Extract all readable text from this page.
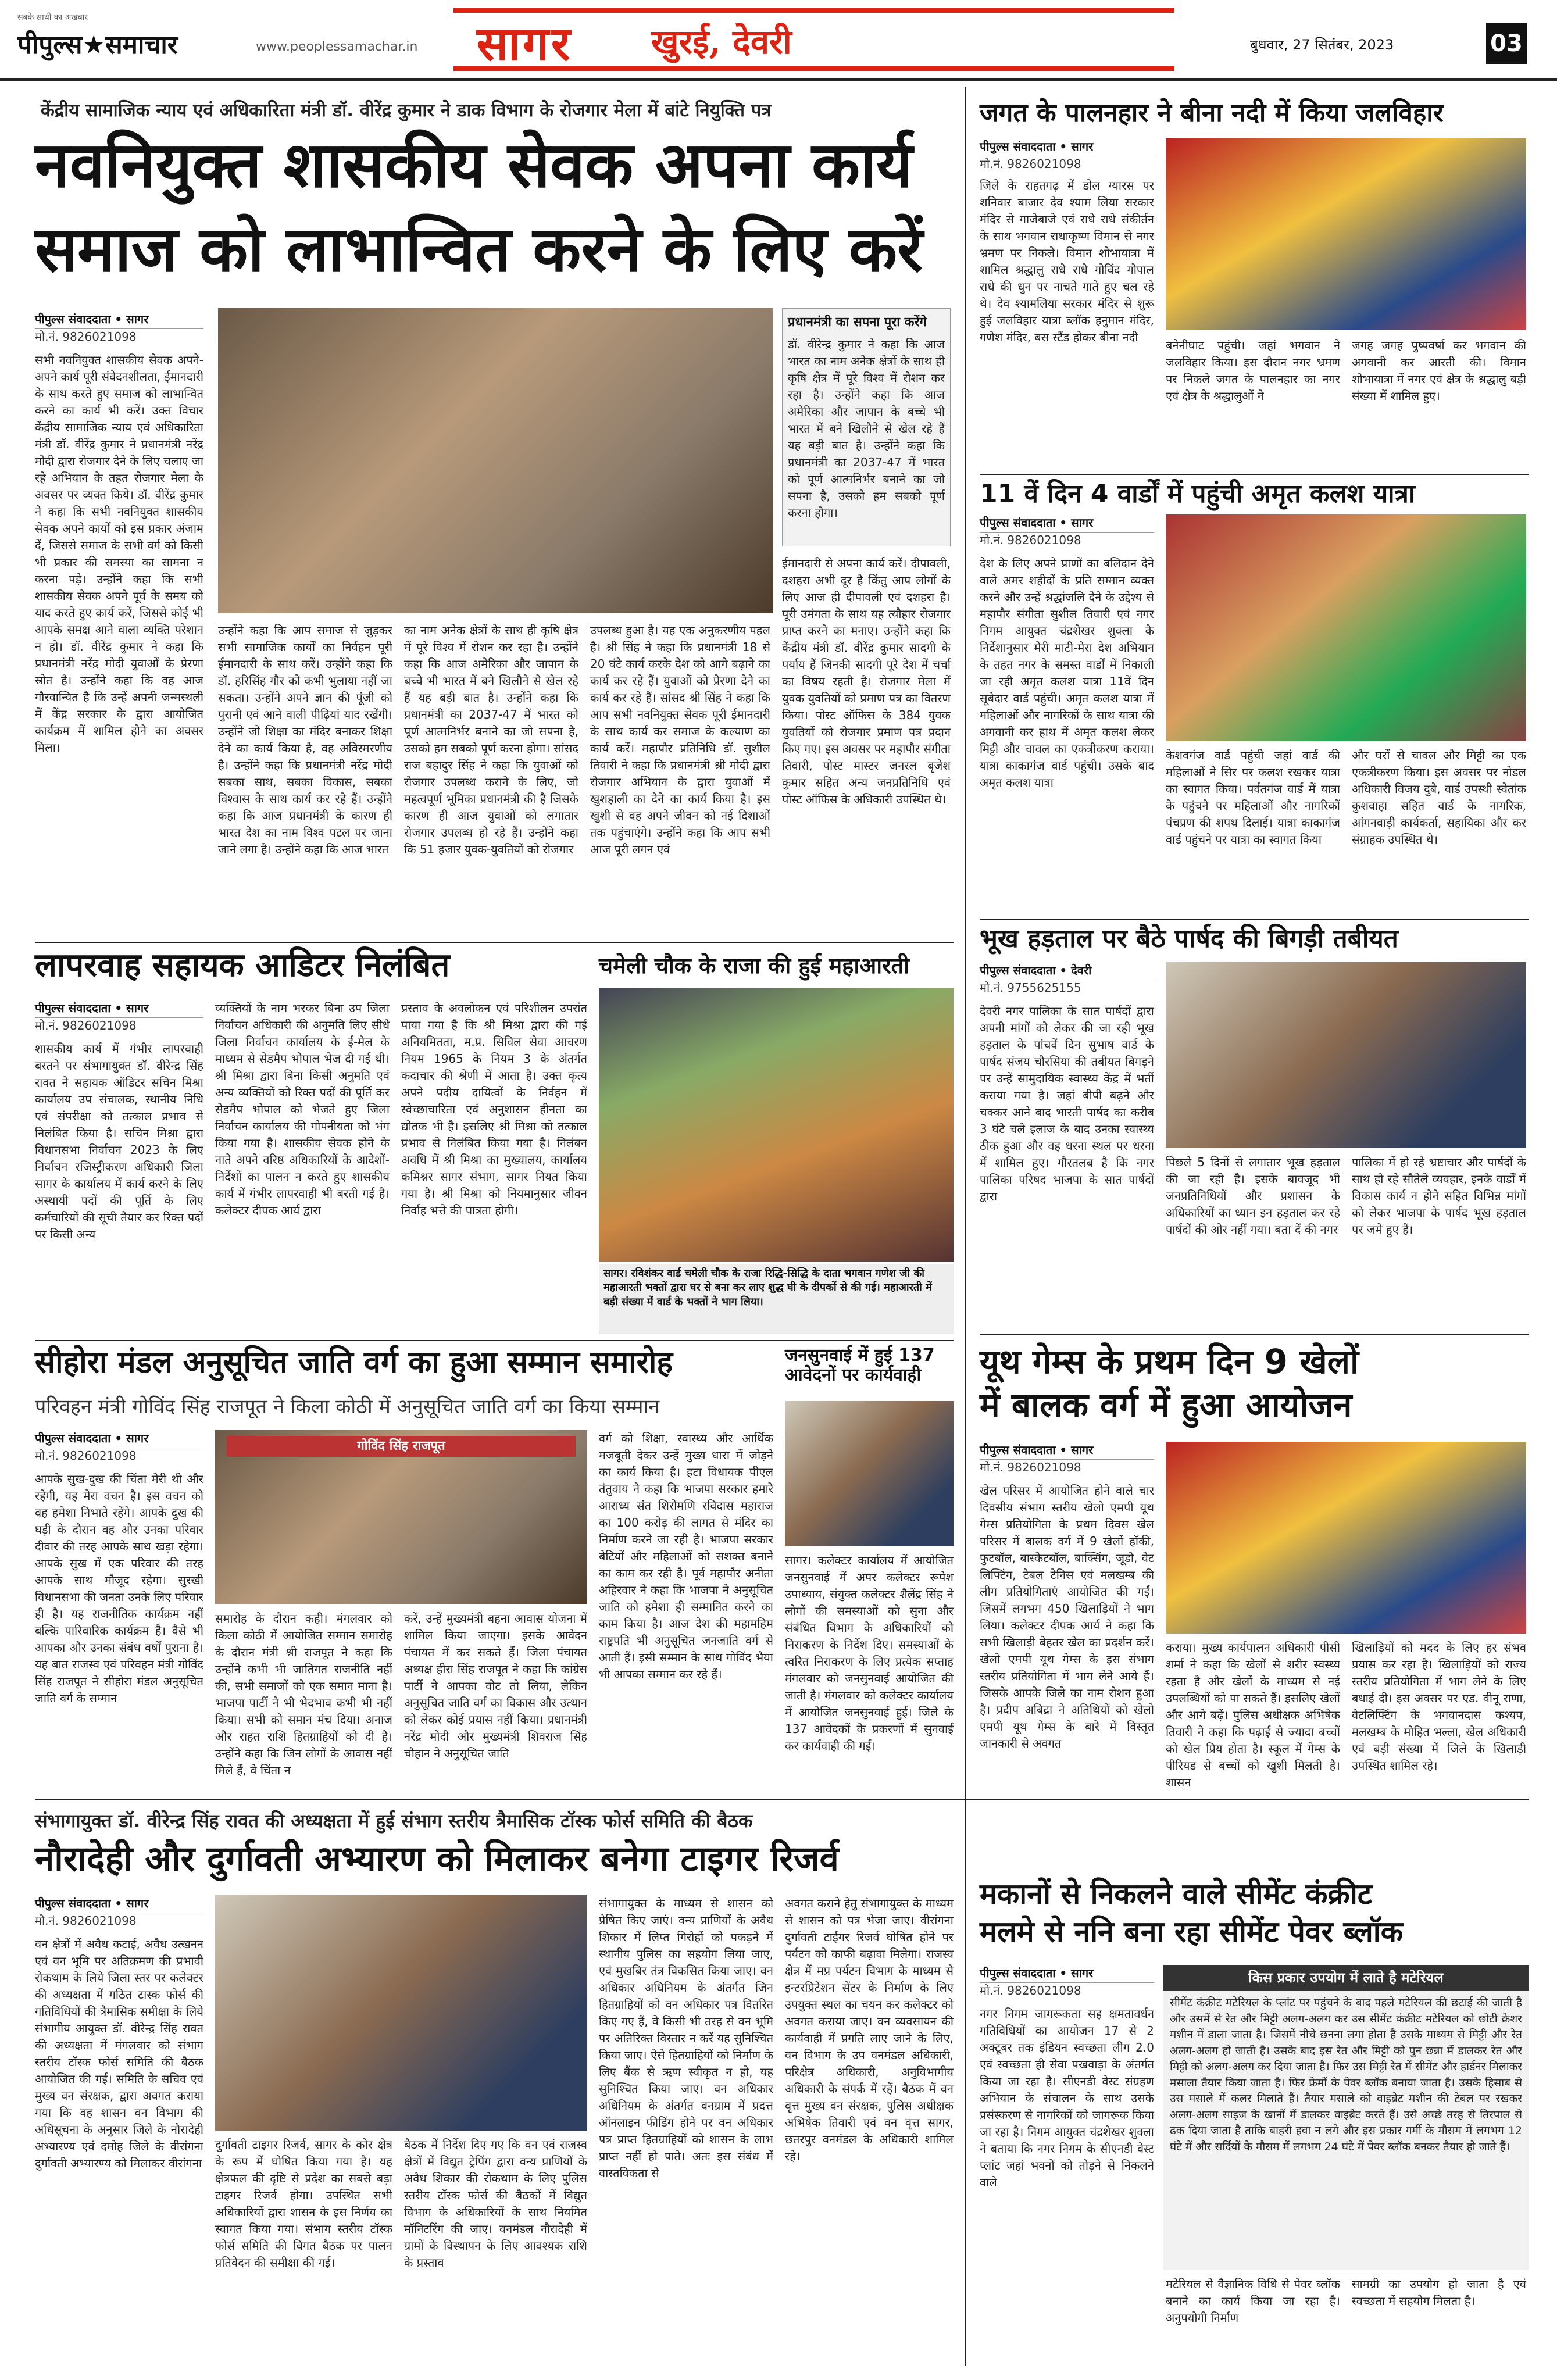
सबके साथी का अखबार
पीपुल्स★समाचार	www.peoplessamachar.in सागर खुरई, देवरी	बुधवार, 27 सितंबर, 2023	03
केंद्रीय सामाजिक न्याय एवं अधिकारिता मंत्री डॉ. वीरेंद्र कुमार ने डाक विभाग के रोजगार मेला में बांटे नियुक्ति पत्र
नवनियुक्त शासकीय सेवक अपना कार्य
समाज को लाभान्वित करने के लिए करें
पीपुल्स संवाददाता • सागर
मो.नं. 9826021098
सभी नवनियुक्त शासकीय सेवक अपने-अपने कार्य पूरी संवेदनशीलता, ईमानदारी के साथ करते हुए समाज को लाभान्वित करने का कार्य भी करें। उक्त विचार केंद्रीय सामाजिक न्याय एवं अधिकारिता मंत्री डॉ. वीरेंद्र कुमार ने प्रधानमंत्री नरेंद्र मोदी द्वारा रोजगार देने के लिए चलाए जा रहे अभियान के तहत रोजगार मेला के अवसर पर व्यक्त किये। डॉ. वीरेंद्र कुमार ने कहा कि सभी नवनियुक्त शासकीय सेवक अपने कार्यों को इस प्रकार अंजाम दें, जिससे समाज के सभी वर्ग को किसी भी प्रकार की समस्या का सामना न करना पड़े। उन्होंने कहा कि सभी शासकीय सेवक अपने पूर्व के समय को याद करते हुए कार्य करें, जिससे कोई भी आपके समक्ष आने वाला व्यक्ति परेशान न हो। डॉ. वीरेंद्र कुमार ने कहा कि प्रधानमंत्री नरेंद्र मोदी युवाओं के प्रेरणा स्रोत है। उन्होंने कहा कि वह आज गौरवान्वित है कि उन्हें अपनी जन्मस्थली में केंद्र सरकार के द्वारा आयोजित कार्यक्रम में शामिल होने का अवसर मिला।
प्रधानमंत्री का सपना पूरा करेंगे
डॉ. वीरेन्द्र कुमार ने कहा कि आज भारत का नाम अनेक क्षेत्रों के साथ ही कृषि क्षेत्र में पूरे विश्व में रोशन कर रहा है। उन्होंने कहा कि आज अमेरिका और जापान के बच्चे भी भारत में बने खिलौने से खेल रहे हैं यह बड़ी बात है। उन्होंने कहा कि प्रधानमंत्री का 2037-47 में भारत को पूर्ण आत्मनिर्भर बनाने का जो सपना है, उसको हम सबको पूर्ण करना होगा।
उन्होंने कहा कि आप समाज से जुड़कर सभी सामाजिक कार्यों का निर्वहन पूरी ईमानदारी के साथ करें। उन्होंने कहा कि डॉ. हरिसिंह गौर को कभी भुलाया नहीं जा सकता। उन्होंने अपने ज्ञान की पूंजी को पुरानी एवं आने वाली पीढ़ियां याद रखेंगी। उन्होंने जो शिक्षा का मंदिर बनाकर शिक्षा देने का कार्य किया है, वह अविस्मरणीय है। उन्होंने कहा कि प्रधानमंत्री नरेंद्र मोदी सबका साथ, सबका विकास, सबका विश्वास के साथ कार्य कर रहे हैं। उन्होंने कहा कि आज प्रधानमंत्री के कारण ही भारत देश का नाम विश्व पटल पर जाना जाने लगा है। उन्होंने कहा कि आज भारत
का नाम अनेक क्षेत्रों के साथ ही कृषि क्षेत्र में पूरे विश्व में रोशन कर रहा है। उन्होंने कहा कि आज अमेरिका और जापान के बच्चे भी भारत में बने खिलौने से खेल रहे हैं यह बड़ी बात है। उन्होंने कहा कि प्रधानमंत्री का 2037-47 में भारत को पूर्ण आत्मनिर्भर बनाने का जो सपना है, उसको हम सबको पूर्ण करना होगा। सांसद राज बहादुर सिंह ने कहा कि युवाओं को रोजगार उपलब्ध कराने के लिए, जो महत्वपूर्ण भूमिका प्रधानमंत्री की है जिसके कारण ही आज युवाओं को लगातार रोजगार उपलब्ध हो रहे हैं। उन्होंने कहा कि 51 हजार युवक-युवतियों को रोजगार
उपलब्ध हुआ है। यह एक अनुकरणीय पहल है। श्री सिंह ने कहा कि प्रधानमंत्री 18 से 20 घंटे कार्य करके देश को आगे बढ़ाने का कार्य कर रहे हैं। युवाओं को प्रेरणा देने का कार्य कर रहे हैं। सांसद श्री सिंह ने कहा कि आप सभी नवनियुक्त सेवक पूरी ईमानदारी के साथ कार्य कर समाज के कल्याण का कार्य करें। महापौर प्रतिनिधि डॉ. सुशील तिवारी ने कहा कि प्रधानमंत्री श्री मोदी द्वारा रोजगार अभियान के द्वारा युवाओं में खुशहाली का देने का कार्य किया है। इस खुशी से वह अपने जीवन को नई दिशाओं तक पहुंचाएंगे। उन्होंने कहा कि आप सभी आज पूरी लगन एवं
ईमानदारी से अपना कार्य करें। दीपावली, दशहरा अभी दूर है किंतु आप लोगों के लिए आज ही दीपावली एवं दशहरा है। पूरी उमंगता के साथ यह त्यौहार रोजगार प्राप्त करने का मनाए। उन्होंने कहा कि केंद्रीय मंत्री डॉ. वीरेंद्र कुमार सादगी के पर्याय हैं जिनकी सादगी पूरे देश में चर्चा का विषय रहती है। रोजगार मेला में युवक युवतियों को प्रमाण पत्र का वितरण किया। पोस्ट ऑफिस के 384 युवक युवतियों को रोजगार प्रमाण पत्र प्रदान किए गए। इस अवसर पर महापौर संगीता तिवारी, पोस्ट मास्टर जनरल बृजेश कुमार सहित अन्य जनप्रतिनिधि एवं पोस्ट ऑफिस के अधिकारी उपस्थित थे।
जगत के पालनहार ने बीना नदी में किया जलविहार
पीपुल्स संवाददाता • सागर
मो.नं. 9826021098
जिले के राहतगढ़ में डोल ग्यारस पर शनिवार बाजार देव श्याम लिया सरकार मंदिर से गाजेबाजे एवं राधे राधे संकीर्तन के साथ भगवान राधाकृष्ण विमान से नगर भ्रमण पर निकले। विमान शोभायात्रा में शामिल श्रद्धालु राधे राधे गोविंद गोपाल राधे की धुन पर नाचते गाते हुए चल रहे थे। देव श्यामलिया सरकार मंदिर से शुरू हुई जलविहार यात्रा ब्लॉक हनुमान मंदिर, गणेश मंदिर, बस स्टैंड होकर बीना नदी
बनेनीघाट पहुंची। जहां भगवान ने जलविहार किया। इस दौरान नगर भ्रमण पर निकले जगत के पालनहार का नगर एवं क्षेत्र के श्रद्धालुओं ने
जगह जगह पुष्पवर्षा कर भगवान की अगवानी कर आरती की। विमान शोभायात्रा में नगर एवं क्षेत्र के श्रद्धालु बड़ी संख्या में शामिल हुए।
11 वें दिन 4 वार्डों में पहुंची अमृत कलश यात्रा
पीपुल्स संवाददाता • सागर
मो.नं. 9826021098
देश के लिए अपने प्राणों का बलिदान देने वाले अमर शहीदों के प्रति सम्मान व्यक्त करने और उन्हें श्रद्धांजलि देने के उद्देश्य से महापौर संगीता सुशील तिवारी एवं नगर निगम आयुक्त चंद्रशेखर शुक्ला के निर्देशानुसार मेरी माटी-मेरा देश अभियान के तहत नगर के समस्त वार्डों में निकाली जा रही अमृत कलश यात्रा 11वें दिन सूबेदार वार्ड पहुंची। अमृत कलश यात्रा में महिलाओं और नागरिकों के साथ यात्रा की अगवानी कर हाथ में अमृत कलश लेकर मिट्टी और चावल का एकत्रीकरण कराया। यात्रा काकागंज वार्ड पहुंची। उसके बाद अमृत कलश यात्रा
केशवगंज वार्ड पहुंची जहां वार्ड की महिलाओं ने सिर पर कलश रखकर यात्रा का स्वागत किया। पर्वतगंज वार्ड में यात्रा के पहुंचने पर महिलाओं और नागरिकों पंचप्रण की शपथ दिलाई। यात्रा काकागंज वार्ड पहुंचने पर यात्रा का स्वागत किया
और घरों से चावल और मिट्टी का एक एकत्रीकरण किया। इस अवसर पर नोडल अधिकारी विजय दुबे, वार्ड उपस्थी स्वेतांक कुशवाहा सहित वार्ड के नागरिक, आंगनवाड़ी कार्यकर्ता, सहायिका और कर संग्राहक उपस्थित थे।
भूख हड़ताल पर बैठे पार्षद की बिगड़ी तबीयत
पीपुल्स संवाददाता • देवरी
मो.नं. 9755625155
देवरी नगर पालिका के सात पार्षदों द्वारा अपनी मांगों को लेकर की जा रही भूख हड़ताल के पांचवें दिन सुभाष वार्ड के पार्षद संजय चौरसिया की तबीयत बिगड़ने पर उन्हें सामुदायिक स्वास्थ्य केंद्र में भर्ती कराया गया है। जहां बीपी बढ़ने और चक्कर आने बाद भारती पार्षद का करीब 3 घंटे चले इलाज के बाद उनका स्वास्थ्य ठीक हुआ और वह धरना स्थल पर धरना में शामिल हुए। गौरतलब है कि नगर पालिका परिषद भाजपा के सात पार्षदों द्वारा
पिछले 5 दिनों से लगातार भूख हड़ताल की जा रही है। इसके बावजूद भी जनप्रतिनिधियों और प्रशासन के अधिकारियों का ध्यान इन हड़ताल कर रहे पार्षदों की ओर नहीं गया। बता दें की नगर
पालिका में हो रहे भ्रष्टाचार और पार्षदों के साथ हो रहे सौतेले व्यवहार, इनके वार्डों में विकास कार्य न होने सहित विभिन्न मांगों को लेकर भाजपा के पार्षद भूख हड़ताल पर जमे हुए हैं।
लापरवाह सहायक आडिटर निलंबित
पीपुल्स संवाददाता • सागर
मो.नं. 9826021098
शासकीय कार्य में गंभीर लापरवाही बरतने पर संभागायुक्त डॉ. वीरेन्द्र सिंह रावत ने सहायक ऑडिटर सचिन मिश्रा कार्यालय उप संचालक, स्थानीय निधि एवं संपरीक्षा को तत्काल प्रभाव से निलंबित किया है। सचिन मिश्रा द्वारा विधानसभा निर्वाचन 2023 के लिए निर्वाचन रजिस्ट्रीकरण अधिकारी जिला सागर के कार्यालय में कार्य करने के लिए अस्थायी पदों की पूर्ति के लिए कर्मचारियों की सूची तैयार कर रिक्त पदों पर किसी अन्य
व्यक्तियों के नाम भरकर बिना उप जिला निर्वाचन अधिकारी की अनुमति लिए सीधे जिला निर्वाचन कार्यालय के ई-मेल के माध्यम से सेडमैप भोपाल भेज दी गई थी। श्री मिश्रा द्वारा बिना किसी अनुमति एवं अन्य व्यक्तियों को रिक्त पदों की पूर्ति कर सेडमैप भोपाल को भेजते हुए जिला निर्वाचन कार्यालय की गोपनीयता को भंग किया गया है। शासकीय सेवक होने के नाते अपने वरिष्ठ अधिकारियों के आदेशों-निर्देशों का पालन न करते हुए शासकीय कार्य में गंभीर लापरवाही भी बरती गई है। कलेक्टर दीपक आर्य द्वारा
प्रस्ताव के अवलोकन एवं परिशीलन उपरांत पाया गया है कि श्री मिश्रा द्वारा की गई अनियमितता, म.प्र. सिविल सेवा आचरण नियम 1965 के नियम 3 के अंतर्गत कदाचार की श्रेणी में आता है। उक्त कृत्य अपने पदीय दायित्वों के निर्वहन में स्वेच्छाचारिता एवं अनुशासन हीनता का द्योतक भी है। इसलिए श्री मिश्रा को तत्काल प्रभाव से निलंबित किया गया है। निलंबन अवधि में श्री मिश्रा का मुख्यालय, कार्यालय कमिश्नर सागर संभाग, सागर नियत किया गया है। श्री मिश्रा को नियमानुसार जीवन निर्वाह भत्ते की पात्रता होगी।
चमेली चौक के राजा की हुई महाआरती
सागर। रविशंकर वार्ड चमेली चौक के राजा रिद्धि-सिद्धि के दाता भगवान गणेश जी की महाआरती भक्तों द्वारा घर से बना कर लाए शुद्ध घी के दीपकों से की गई। महाआरती में बड़ी संख्या में वार्ड के भक्तों ने भाग लिया।
सीहोरा मंडल अनुसूचित जाति वर्ग का हुआ सम्मान समारोह
परिवहन मंत्री गोविंद सिंह राजपूत ने किला कोठी में अनुसूचित जाति वर्ग का किया सम्मान
पीपुल्स संवाददाता • सागर
मो.नं. 9826021098
आपके सुख-दुख की चिंता मेरी थी और रहेगी, यह मेरा वचन है। इस वचन को वह हमेशा निभाते रहेंगे। आपके दुख की घड़ी के दौरान वह और उनका परिवार दीवार की तरह आपके साथ खड़ा रहेगा। आपके सुख में एक परिवार की तरह आपके साथ मौजूद रहेगा। सुरखी विधानसभा की जनता उनके लिए परिवार ही है। यह राजनीतिक कार्यक्रम नहीं बल्कि पारिवारिक कार्यक्रम है। वैसे भी आपका और उनका संबंध वर्षों पुराना है। यह बात राजस्व एवं परिवहन मंत्री गोविंद सिंह राजपूत ने सीहोरा मंडल अनुसूचित जाति वर्ग के सम्मान
गोविंद सिंह राजपूत
समारोह के दौरान कही। मंगलवार को किला कोठी में आयोजित सम्मान समारोह के दौरान मंत्री श्री राजपूत ने कहा कि उन्होंने कभी भी जातिगत राजनीति नहीं की, सभी समाजों को एक समान माना है। भाजपा पार्टी ने भी भेदभाव कभी भी नहीं किया। सभी को समान मंच दिया। अनाज और राहत राशि हितग्राहियों को दी है। उन्होंने कहा कि जिन लोगों के आवास नहीं मिले हैं, वे चिंता न
करें, उन्हें मुख्यमंत्री बहना आवास योजना में शामिल किया जाएगा। इसके आवेदन पंचायत में कर सकते हैं। जिला पंचायत अध्यक्ष हीरा सिंह राजपूत ने कहा कि कांग्रेस पार्टी ने आपका वोट तो लिया, लेकिन अनुसूचित जाति वर्ग का विकास और उत्थान को लेकर कोई प्रयास नहीं किया। प्रधानमंत्री नरेंद्र मोदी और मुख्यमंत्री शिवराज सिंह चौहान ने अनुसूचित जाति
वर्ग को शिक्षा, स्वास्थ्य और आर्थिक मजबूती देकर उन्हें मुख्य धारा में जोड़ने का कार्य किया है। हटा विधायक पीएल तंतुवाय ने कहा कि भाजपा सरकार हमारे आराध्य संत शिरोमणि रविदास महाराज का 100 करोड़ की लागत से मंदिर का निर्माण करने जा रही है। भाजपा सरकार बेटियों और महिलाओं को सशक्त बनाने का काम कर रही है। पूर्व महापौर अनीता अहिरवार ने कहा कि भाजपा ने अनुसूचित जाति को हमेशा ही सम्मानित करने का काम किया है। आज देश की महामहिम राष्ट्रपति भी अनुसूचित जनजाति वर्ग से आती हैं। इसी सम्मान के साथ गोविंद भैया भी आपका सम्मान कर रहे हैं।
जनसुनवाई में हुई 137 आवेदनों पर कार्यवाही
सागर। कलेक्टर कार्यालय में आयोजित जनसुनवाई में अपर कलेक्टर रूपेश उपाध्याय, संयुक्त कलेक्टर शैलेंद्र सिंह ने लोगों की समस्याओं को सुना और संबंधित विभाग के अधिकारियों को निराकरण के निर्देश दिए। समस्याओं के त्वरित निराकरण के लिए प्रत्येक सप्ताह मंगलवार को जनसुनवाई आयोजित की जाती है। मंगलवार को कलेक्टर कार्यालय में आयोजित जनसुनवाई हुई। जिले के 137 आवेदकों के प्रकरणों में सुनवाई कर कार्यवाही की गई।
यूथ गेम्स के प्रथम दिन 9 खेलों
में बालक वर्ग में हुआ आयोजन
पीपुल्स संवाददाता • सागर
मो.नं. 9826021098
खेल परिसर में आयोजित होने वाले चार दिवसीय संभाग स्तरीय खेलो एमपी यूथ गेम्स प्रतियोगिता के प्रथम दिवस खेल परिसर में बालक वर्ग में 9 खेलों हॉकी, फुटबॉल, बास्केटबॉल, बाक्सिंग, जूडो, वेट लिफ्टिंग, टेबल टेनिस एवं मलखम्ब की लीग प्रतियोगिताएं आयोजित की गईं। जिसमें लगभग 450 खिलाड़ियों ने भाग लिया। कलेक्टर दीपक आर्य ने कहा कि सभी खिलाड़ी बेहतर खेल का प्रदर्शन करें। खेलो एमपी यूथ गेम्स के इस संभाग स्तरीय प्रतियोगिता में भाग लेने आये हैं। जिसके आपके जिले का नाम रोशन हुआ है। प्रदीप अबिद्रा ने अतिथियों को खेलो एमपी यूथ गेम्स के बारे में विस्तृत जानकारी से अवगत
कराया। मुख्य कार्यपालन अधिकारी पीसी शर्मा ने कहा कि खेलों से शरीर स्वस्थ्य रहता है और खेलों के माध्यम से नई उपलब्धियों को पा सकते हैं। इसलिए खेलों और आगे बढ़ें। पुलिस अधीक्षक अभिषेक तिवारी ने कहा कि पढ़ाई से ज्यादा बच्चों को खेल प्रिय होता है। स्कूल में गेम्स के पीरियड से बच्चों को खुशी मिलती है। शासन
खिलाड़ियों को मदद के लिए हर संभव प्रयास कर रहा है। खिलाड़ियों को राज्य स्तरीय प्रतियोगिता में भाग लेने के लिए बधाई दी। इस अवसर पर एड. वीनू राणा, वेटलिफ्टिंग के भगवानदास कश्यप, मलखम्ब के मोहित भल्ला, खेल अधिकारी एवं बड़ी संख्या में जिले के खिलाड़ी उपस्थित शामिल रहे।
संभागायुक्त डॉ. वीरेन्द्र सिंह रावत की अध्यक्षता में हुई संभाग स्तरीय त्रैमासिक टॉस्क फोर्स समिति की बैठक
नौरादेही और दुर्गावती अभ्यारण को मिलाकर बनेगा टाइगर रिजर्व
पीपुल्स संवाददाता • सागर
मो.नं. 9826021098
वन क्षेत्रों में अवैध कटाई, अवैध उत्खनन एवं वन भूमि पर अतिक्रमण की प्रभावी रोकथाम के लिये जिला स्तर पर कलेक्टर की अध्यक्षता में गठित टास्क फोर्स की गतिविधियों की त्रैमासिक समीक्षा के लिये संभागीय आयुक्त डॉ. वीरेन्द्र सिंह रावत की अध्यक्षता में मंगलवार को संभाग स्तरीय टॉस्क फोर्स समिति की बैठक आयोजित की गई। समिति के सचिव एवं मुख्य वन संरक्षक, द्वारा अवगत कराया गया कि वह शासन वन विभाग की अधिसूचना के अनुसार जिले के नौरादेही अभ्यारण्य एवं दमोह जिले के वीरांगना दुर्गावती अभ्यारण्य को मिलाकर वीरांगना
दुर्गावती टाइगर रिजर्व, सागर के कोर क्षेत्र के रूप में घोषित किया गया है। यह क्षेत्रफल की दृष्टि से प्रदेश का सबसे बड़ा टाइगर रिजर्व होगा। उपस्थित सभी अधिकारियों द्वारा शासन के इस निर्णय का स्वागत किया गया। संभाग स्तरीय टॉस्क फोर्स समिति की विगत बैठक पर पालन प्रतिवेदन की समीक्षा की गई।
बैठक में निर्देश दिए गए कि वन एवं राजस्व क्षेत्रों में विद्युत ट्रेपिंग द्वारा वन्य प्राणियों के अवैध शिकार की रोकथाम के लिए पुलिस स्तरीय टॉस्क फोर्स की बैठकों में विद्युत विभाग के अधिकारियों के साथ नियमित मॉनिटरिंग की जाए। वनमंडल नौरादेही में ग्रामों के विस्थापन के लिए आवश्यक राशि के प्रस्ताव
संभागायुक्त के माध्यम से शासन को प्रेषित किए जाएं। वन्य प्राणियों के अवैध शिकार में लिप्त गिरोहों को पकड़ने में स्थानीय पुलिस का सहयोग लिया जाए, एवं मुखबिर तंत्र विकसित किया जाए। वन अधिकार अधिनियम के अंतर्गत जिन हितग्राहियों को वन अधिकार पत्र वितरित किए गए हैं, वे किसी भी तरह से वन भूमि पर अतिरिक्त विस्तार न करें यह सुनिश्चित किया जाए। ऐसे हितग्राहियों को निर्माण के लिए बैंक से ऋण स्वीकृत न हो, यह सुनिश्चित किया जाए। वन अधिकार अधिनियम के अंतर्गत वनग्राम में प्रदत्त ऑनलाइन फीडिंग होने पर वन अधिकार पत्र प्राप्त हितग्राहियों को शासन के लाभ प्राप्त नहीं हो पाते। अतः इस संबंध में वास्तविकता से
अवगत कराने हेतु संभागायुक्त के माध्यम से शासन को पत्र भेजा जाए। वीरांगना दुर्गावती टाईगर रिजर्व घोषित होने पर पर्यटन को काफी बढ़ावा मिलेगा। राजस्व क्षेत्र में मप्र पर्यटन विभाग के माध्यम से इन्टरप्रिटेशन सेंटर के निर्माण के लिए उपयुक्त स्थल का चयन कर कलेक्टर को अवगत कराया जाए। वन व्यवसायन की कार्यवाही में प्रगति लाए जाने के लिए, वन विभाग के उप वनमंडल अधिकारी, परिक्षेत्र अधिकारी, अनुविभागीय अधिकारी के संपर्क में रहें। बैठक में वन वृत्त मुख्य वन संरक्षक, पुलिस अधीक्षक अभिषेक तिवारी एवं वन वृत्त सागर, छतरपुर वनमंडल के अधिकारी शामिल रहे।
मकानों से निकलने वाले सीमेंट कंक्रीट
मलमे से ननि बना रहा सीमेंट पेवर ब्लॉक
पीपुल्स संवाददाता • सागर
मो.नं. 9826021098
नगर निगम जागरूकता सह क्षमतावर्धन गतिविधियों का आयोजन 17 से 2 अक्टूबर तक इंडियन स्वच्छता लीग 2.0 एवं स्वच्छता ही सेवा पखवाड़ा के अंतर्गत किया जा रहा है। सीएनडी वेस्ट संग्रहण अभियान के संचालन के साथ उसके प्रसंस्करण से नागरिकों को जागरूक किया जा रहा है। निगम आयुक्त चंद्रशेखर शुक्ला ने बताया कि नगर निगम के सीएनडी वेस्ट प्लांट जहां भवनों को तोड़ने से निकलने वाले
किस प्रकार उपयोग में लाते है मटेरियल
सीमेंट कंक्रीट मटेरियल के प्लांट पर पहुंचने के बाद पहले मटेरियल की छटाई की जाती है और उसमें से रेत और मिट्टी अलग-अलग कर उस सीमेंट कंक्रीट मटेरियल को छोटी क्रेशर मशीन में डाला जाता है। जिसमें नीचे छनना लगा होता है उसके माध्यम से मिट्टी और रेत अलग-अलग हो जाती है। उसके बाद इस रेत और मिट्टी को पुन छन्ना में डालकर रेत और मिट्टी को अलग-अलग कर दिया जाता है। फिर उस मिट्टी रेत में सीमेंट और हार्डनर मिलाकर मसाला तैयार किया जाता है। फिर फ्रेमों के पेवर ब्लॉक बनाया जाता है। उसके हिसाब से उस मसाले में कलर मिलाते हैं। तैयार मसाले को वाइब्रेट मशीन की टेबल पर रखकर अलग-अलग साइज के खानों में डालकर वाइब्रेट करते हैं। उसे अच्छे तरह से तिरपाल से ढक दिया जाता है ताकि बाहरी हवा न लगे और इस प्रकार गर्मी के मौसम में लगभग 12 घंटे में और सर्दियों के मौसम में लगभग 24 घंटे में पेवर ब्लॉक बनकर तैयार हो जाते हैं।
मटेरियल से वैज्ञानिक विधि से पेवर ब्लॉक बनाने का कार्य किया जा रहा है। अनुपयोगी निर्माण
सामग्री का उपयोग हो जाता है एवं स्वच्छता में सहयोग मिलता है।
